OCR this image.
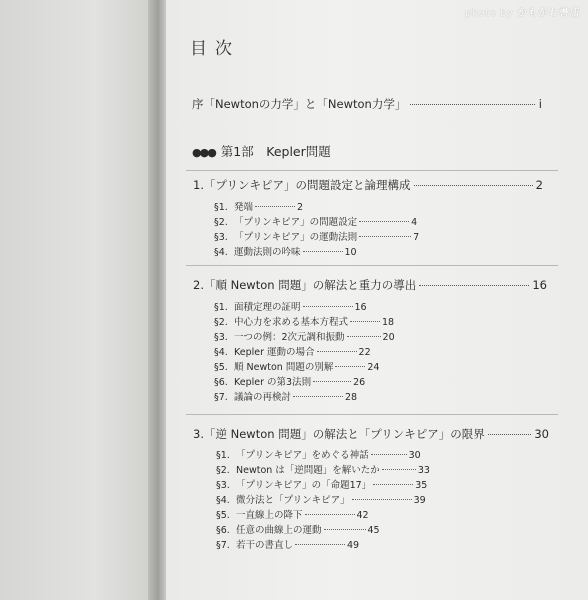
photo by かもがわ書店
目次
序「Newtonの力学」と「Newton力学」	i
●●● 第1部　Kepler問題
1.「プリンキピア」の問題設定と論理構成	2
§1. 発端	2
§2. 「プリンキピア」の問題設定	4
§3. 「プリンキピア」の運動法則	7
§4. 運動法則の吟味	10
2.「順 Newton 問題」の解法と重力の導出	16
§1. 面積定理の証明	16
§2. 中心力を求める基本方程式	18
§3. 一つの例：2次元調和振動	20
§4. Kepler 運動の場合	22
§5. 順 Newton 問題の別解	24
§6. Kepler の第3法則	26
§7. 議論の再検討	28
3.「逆 Newton 問題」の解法と「プリンキピア」の限界	30
§1. 「プリンキピア」をめぐる神話	30
§2. Newton は「逆問題」を解いたか	33
§3. 「プリンキピア」の「命題17」	35
§4. 微分法と「プリンキピア」	39
§5. 一直線上の降下	42
§6. 任意の曲線上の運動	45
§7. 若干の書直し	49
